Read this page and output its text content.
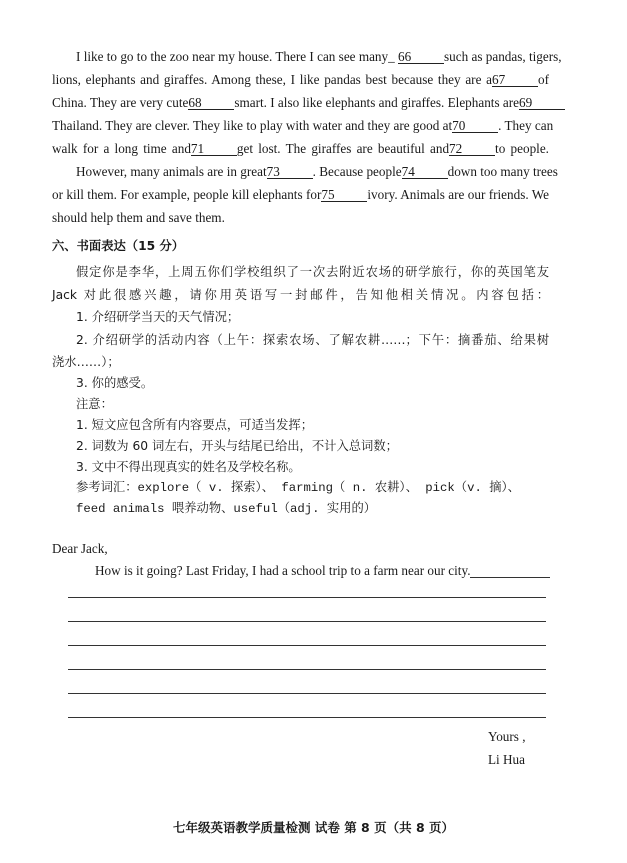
I like to go to the zoo near my house. There I can see many_ 66 such as pandas, tigers,
lions, elephants and giraffes. Among these, I like pandas best because they are a67 of
China. They are very cute68 smart. I also like elephants and giraffes. Elephants are69
Thailand. They are clever. They like to play with water and they are good at70 . They can
walk for a long time and71 get lost. The giraffes are beautiful and72 to people.
However, many animals are in great73 . Because people74 down too many trees
or kill them. For example, people kill elephants for75 ivory. Animals are our friends. We
should help them and save them.
六、书面表达（15 分）
假定你是李华，上周五你们学校组织了一次去附近农场的研学旅行，你的英国笔友
Jack 对此很感兴趣，请你用英语写一封邮件，告知他相关情况。内容包括：
1. 介绍研学当天的天气情况；
2. 介绍研学的活动内容（上午：探索农场、了解农耕……；下午：摘番茄、给果树
浇水……）；
3. 你的感受。
注意：
1. 短文应包含所有内容要点，可适当发挥；
2. 词数为 60 词左右，开头与结尾已给出，不计入总词数；
3. 文中不得出现真实的姓名及学校名称。
参考词汇：explore（ v. 探索）、 farming（ n. 农耕）、 pick（v. 摘）、
feed animals 喂养动物、useful（adj. 实用的）
Dear Jack,
How is it going? Last Friday, I had a school trip to a farm near our city.
Yours ,
Li Hua
七年级英语教学质量检测 试卷 第 8 页（共 8 页）
